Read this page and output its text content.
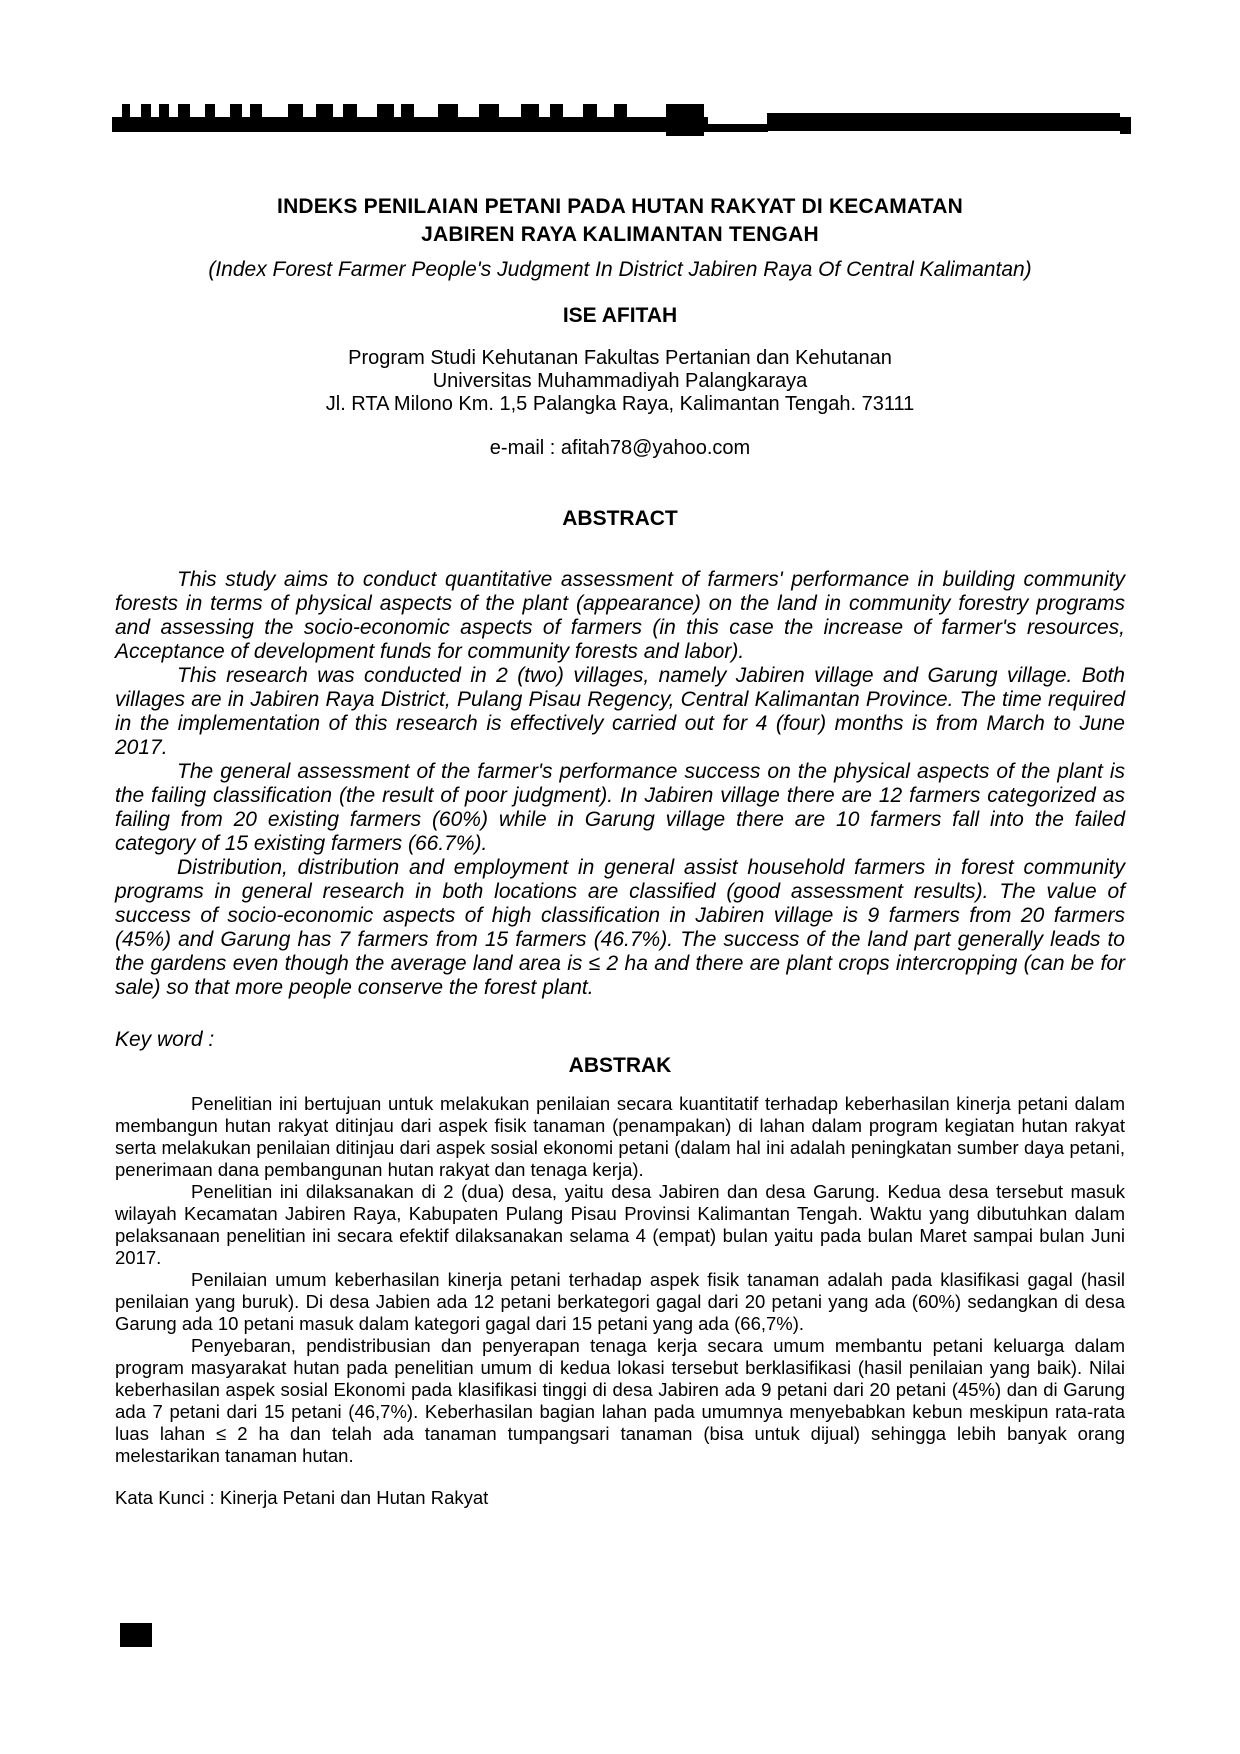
INDEKS PENILAIAN PETANI PADA HUTAN RAKYAT DI KECAMATAN
JABIREN RAYA KALIMANTAN TENGAH
(Index Forest Farmer People's Judgment In District Jabiren Raya Of Central Kalimantan)
ISE AFITAH
Program Studi Kehutanan Fakultas Pertanian dan Kehutanan
Universitas Muhammadiyah Palangkaraya
Jl. RTA Milono Km. 1,5 Palangka Raya, Kalimantan Tengah. 73111
e-mail : afitah78@yahoo.com
ABSTRACT

This study aims to conduct quantitative assessment of farmers' performance in building community forests in terms of physical aspects of the plant (appearance) on the land in community forestry programs and assessing the socio-economic aspects of farmers (in this case the increase of farmer's resources, Acceptance of development funds for community forests and labor).

This research was conducted in 2 (two) villages, namely Jabiren village and Garung village. Both villages are in Jabiren Raya District, Pulang Pisau Regency, Central Kalimantan Province. The time required in the implementation of this research is effectively carried out for 4 (four) months is from March to June 2017.

The general assessment of the farmer's performance success on the physical aspects of the plant is the failing classification (the result of poor judgment). In Jabiren village there are 12 farmers categorized as failing from 20 existing farmers (60%) while in Garung village there are 10 farmers fall into the failed category of 15 existing farmers (66.7%).

Distribution, distribution and employment in general assist household farmers in forest community programs in general research in both locations are classified (good assessment results). The value of success of socio-economic aspects of high classification in Jabiren village is 9 farmers from 20 farmers (45%) and Garung has 7 farmers from 15 farmers (46.7%). The success of the land part generally leads to the gardens even though the average land area is ≤ 2 ha and there are plant crops intercropping (can be for sale) so that more people conserve the forest plant.

Key word :
ABSTRAK

Penelitian ini bertujuan untuk melakukan penilaian secara kuantitatif terhadap keberhasilan kinerja petani dalam membangun hutan rakyat ditinjau dari aspek fisik tanaman (penampakan) di lahan dalam program kegiatan hutan rakyat serta melakukan penilaian ditinjau dari aspek sosial ekonomi petani (dalam hal ini adalah peningkatan sumber daya petani, penerimaan dana pembangunan hutan rakyat dan tenaga kerja).

Penelitian ini dilaksanakan di 2 (dua) desa, yaitu desa Jabiren dan desa Garung. Kedua desa tersebut masuk wilayah Kecamatan Jabiren Raya, Kabupaten Pulang Pisau Provinsi Kalimantan Tengah. Waktu yang dibutuhkan dalam pelaksanaan penelitian ini secara efektif dilaksanakan selama 4 (empat) bulan yaitu pada bulan Maret sampai bulan Juni 2017.

Penilaian umum keberhasilan kinerja petani terhadap aspek fisik tanaman adalah pada klasifikasi gagal (hasil penilaian yang buruk). Di desa Jabien ada 12 petani berkategori gagal dari 20 petani yang ada (60%) sedangkan di desa Garung ada 10 petani masuk dalam kategori gagal dari 15 petani yang ada (66,7%).

Penyebaran, pendistribusian dan penyerapan tenaga kerja secara umum membantu petani keluarga dalam program masyarakat hutan pada penelitian umum di kedua lokasi tersebut berklasifikasi (hasil penilaian yang baik). Nilai keberhasilan aspek sosial Ekonomi pada klasifikasi tinggi di desa Jabiren ada 9 petani dari 20 petani (45%) dan di Garung ada 7 petani dari 15 petani (46,7%). Keberhasilan bagian lahan pada umumnya menyebabkan kebun meskipun rata-rata luas lahan ≤ 2 ha dan telah ada tanaman tumpangsari tanaman (bisa untuk dijual) sehingga lebih banyak orang melestarikan tanaman hutan.

Kata Kunci : Kinerja Petani dan Hutan Rakyat
